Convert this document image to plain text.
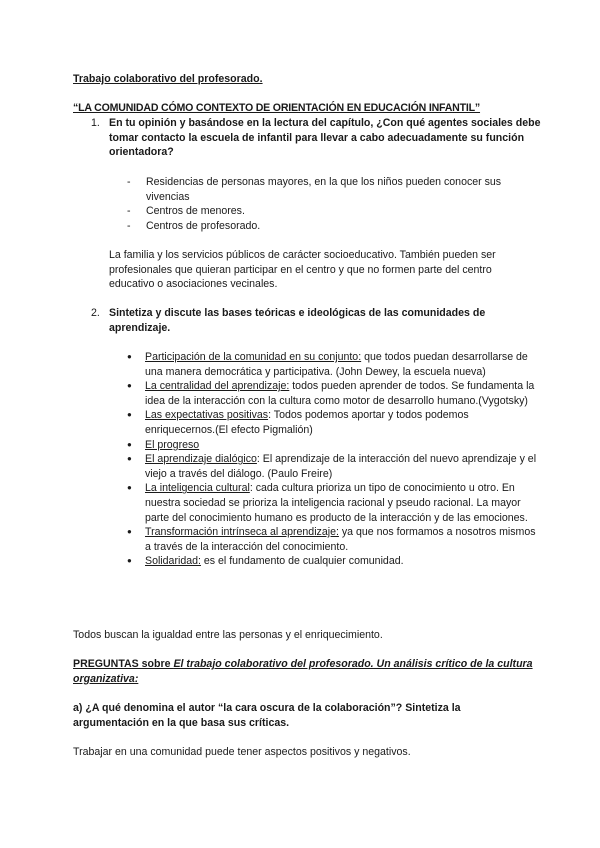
Trabajo colaborativo del profesorado.
“LA COMUNIDAD CÓMO CONTEXTO DE ORIENTACIÓN EN EDUCACIÓN INFANTIL”
1. En tu opinión y basándose en la lectura del capítulo, ¿Con qué agentes sociales debe tomar contacto la escuela de infantil para llevar a cabo adecuadamente su función orientadora?
- Residencias de personas mayores, en la que los niños pueden conocer sus vivencias
- Centros de menores.
- Centros de profesorado.
La familia y los servicios públicos de carácter socioeducativo. También pueden ser profesionales que quieran participar en el centro y que no formen parte del centro educativo o asociaciones vecinales.
2. Sintetiza y discute las bases teóricas e ideológicas de las comunidades de aprendizaje.
● Participación de la comunidad en su conjunto: que todos puedan desarrollarse de una manera democrática y participativa. (John Dewey, la escuela nueva)
● La centralidad del aprendizaje: todos pueden aprender de todos. Se fundamenta la idea de la interacción con la cultura como motor de desarrollo humano.(Vygotsky)
● Las expectativas positivas: Todos podemos aportar y todos podemos enriquecernos.(El efecto Pigmalión)
● El progreso
● El aprendizaje dialógico: El aprendizaje de la interacción del nuevo aprendizaje y el viejo a través del diálogo. (Paulo Freire)
● La inteligencia cultural: cada cultura prioriza un tipo de conocimiento u otro. En nuestra sociedad se prioriza la inteligencia racional y pseudo racional. La mayor parte del conocimiento humano es producto de la interacción y de las emociones.
● Transformación intrínseca al aprendizaje: ya que nos formamos a nosotros mismos a través de la interacción del conocimiento.
● Solidaridad: es el fundamento de cualquier comunidad.
Todos buscan la igualdad entre las personas y el enriquecimiento.
PREGUNTAS sobre El trabajo colaborativo del profesorado. Un análisis crítico de la cultura organizativa:
a) ¿A qué denomina el autor “la cara oscura de la colaboración”? Sintetiza la argumentación en la que basa sus críticas.
Trabajar en una comunidad puede tener aspectos positivos y negativos.
